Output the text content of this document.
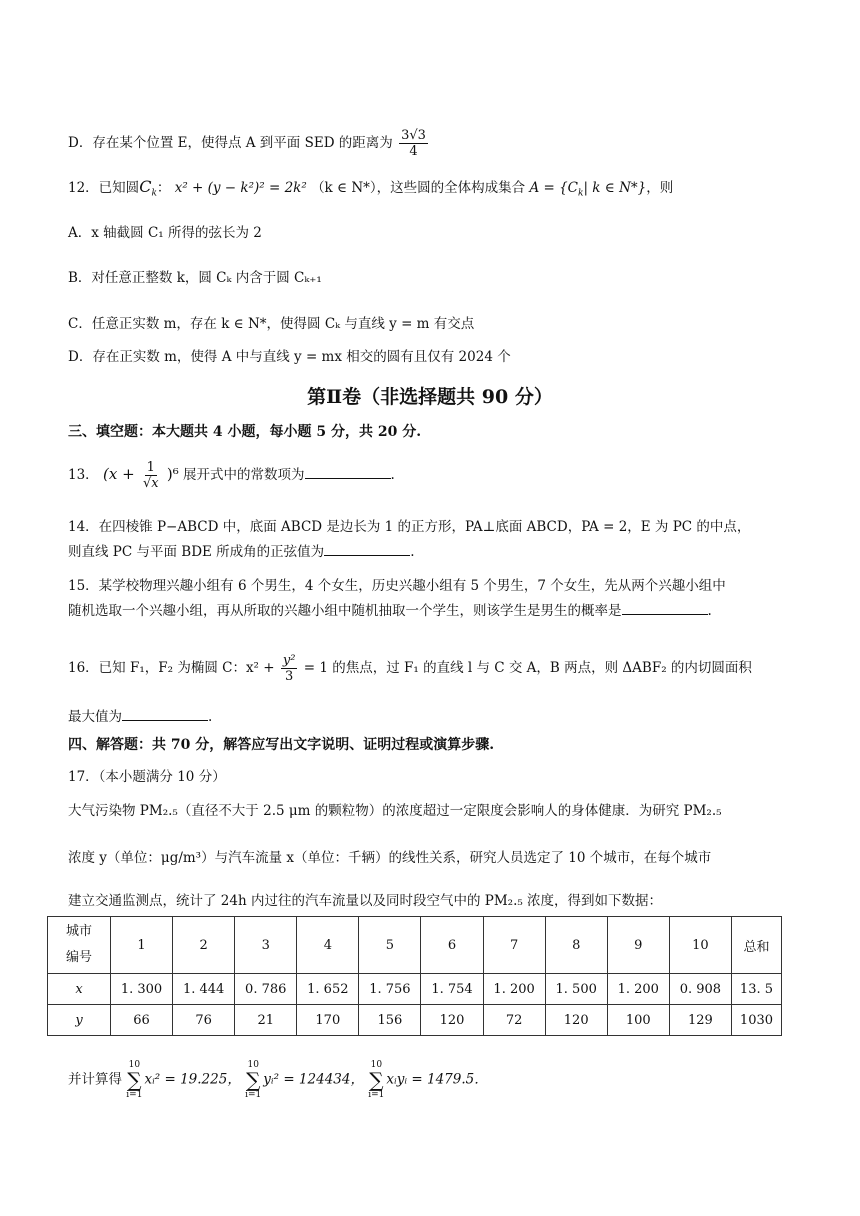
D．存在某个位置 E，使得点 A 到平面 SED 的距离为 $\frac{3√3}{4}$
12．已知圆$C_k$： x² + (y − k²)² = 2k² （k ∈ N*），这些圆的全体构成集合 $A = \{C_k|$ k ∈ N*}，则
A．x 轴截圆 C₁ 所得的弦长为 2
B．对任意正整数 k，圆 Cₖ 内含于圆 Cₖ₊₁
C．任意正实数 m，存在 k ∈ N*，使得圆 Cₖ 与直线 y = m 有交点
D．存在正实数 m，使得 A 中与直线 y = mx 相交的圆有且仅有 2024 个
第Ⅱ卷（非选择题共 90 分）
三、填空题：本大题共 4 小题，每小题 5 分，共 20 分.
13． $(x + \frac{1}{√x} )^6$ 展开式中的常数项为	.
14．在四棱锥 P−ABCD 中，底面 ABCD 是边长为 1 的正方形，PA⊥底面 ABCD，PA = 2，E 为 PC 的中点，
则直线 PC 与平面 BDE 所成角的正弦值为	.
15．某学校物理兴趣小组有 6 个男生，4 个女生，历史兴趣小组有 5 个男生，7 个女生，先从两个兴趣小组中
随机选取一个兴趣小组，再从所取的兴趣小组中随机抽取一个学生，则该学生是男生的概率是	.
16．已知 F₁，F₂ 为椭圆 C：$x^2 + \frac{\text{y²}}{3} = 1$ 的焦点，过 F₁ 的直线 l 与 C 交 A，B 两点，则 ΔABF₂ 的内切圆面积
最大值为	.
四、解答题：共 70 分，解答应写出文字说明、证明过程或演算步骤.
17．（本小题满分 10 分）
大气污染物 PM₂.₅（直径不大于 2.5 μm 的颗粒物）的浓度超过一定限度会影响人的身体健康．为研究 PM₂.₅
浓度 y（单位：μg/m³）与汽车流量 x（单位：千辆）的线性关系，研究人员选定了 10 个城市，在每个城市
建立交通监测点，统计了 24h 内过往的汽车流量以及同时段空气中的 PM₂.₅ 浓度，得到如下数据：
城市
编号	1	2	3	4	5	6	7	8	9	10	总和
x	1. 300	1. 444	0. 786	1. 652	1. 756	1. 754	1. 200	1. 500	1. 200	0. 908	13. 5
y	66	76	21	170	156	120	72	120	100	129	1030
并计算得
10
∑
i=1
xᵢ² = 19.225，
10
∑
i=1
yᵢ² = 124434，
10
∑
i=1
xᵢyᵢ = 1479.5．
